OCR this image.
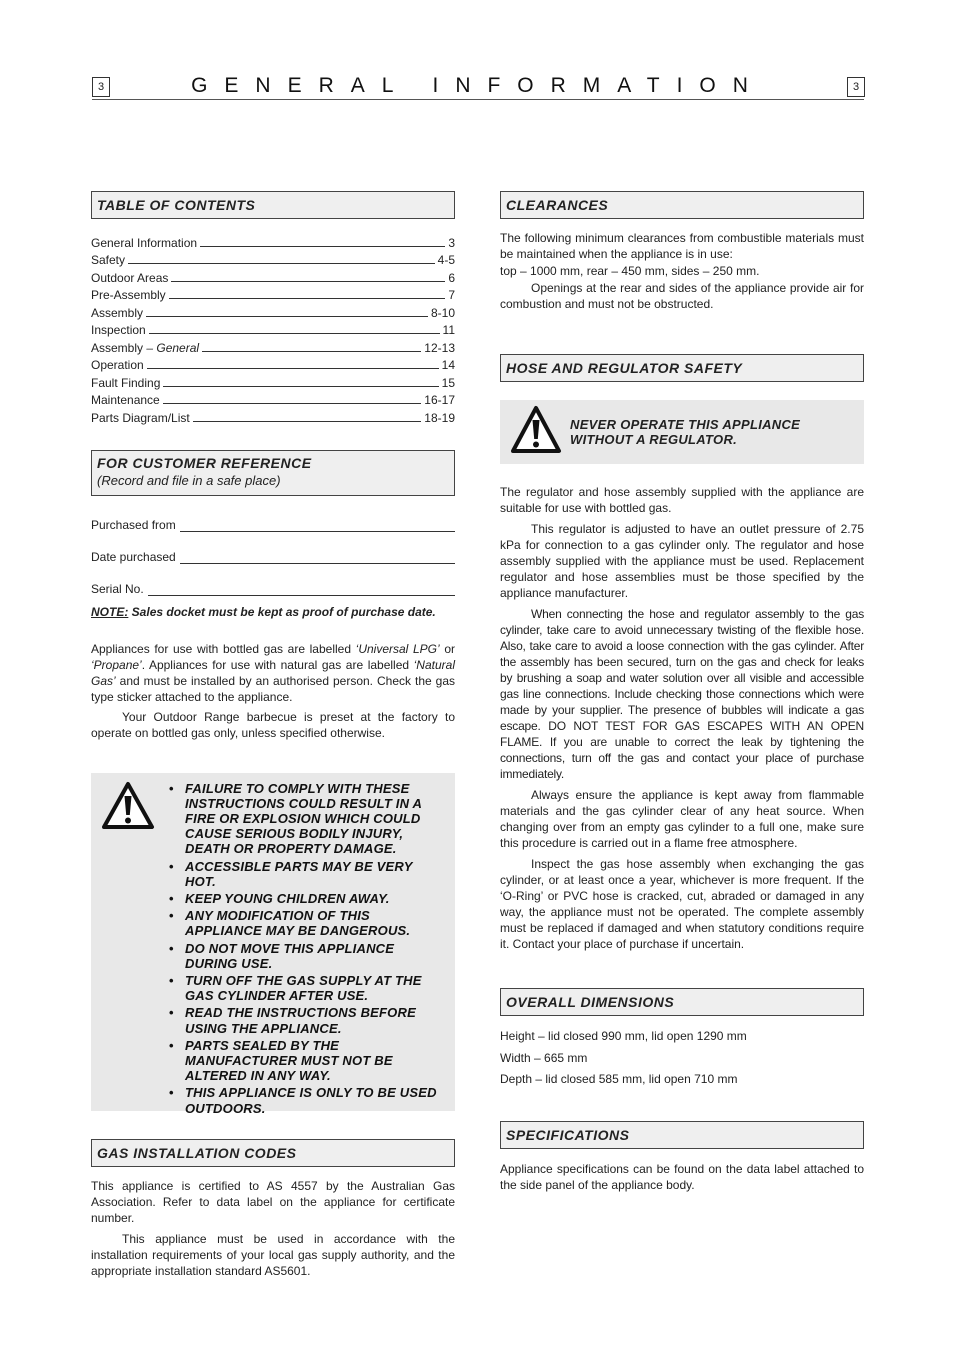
3	GENERAL INFORMATION	3
TABLE OF CONTENTS
General Information	3
Safety	4-5
Outdoor Areas	6
Pre-Assembly	7
Assembly	8-10
Inspection	11
Assembly – General	12-13
Operation	14
Fault Finding	15
Maintenance	16-17
Parts Diagram/List	18-19
FOR CUSTOMER REFERENCE
(Record and file in a safe place)
Purchased from
Date purchased
Serial No.
NOTE: Sales docket must be kept as proof of purchase date.

Appliances for use with bottled gas are labelled ‘Universal LPG’ or ‘Propane’. Appliances for use with natural gas are labelled ‘Natural Gas’ and must be installed by an authorised person. Check the gas type sticker attached to the appliance.

Your Outdoor Range barbecue is preset at the factory to operate on bottled gas only, unless specified otherwise.

• FAILURE TO COMPLY WITH THESE INSTRUCTIONS COULD RESULT IN A FIRE OR EXPLOSION WHICH COULD CAUSE SERIOUS BODILY INJURY, DEATH OR PROPERTY DAMAGE.
• ACCESSIBLE PARTS MAY BE VERY HOT.
• KEEP YOUNG CHILDREN AWAY.
• ANY MODIFICATION OF THIS APPLIANCE MAY BE DANGEROUS.
• DO NOT MOVE THIS APPLIANCE DURING USE.
• TURN OFF THE GAS SUPPLY AT THE GAS CYLINDER AFTER USE.
• READ THE INSTRUCTIONS BEFORE USING THE APPLIANCE.
• PARTS SEALED BY THE MANUFACTURER MUST NOT BE ALTERED IN ANY WAY.
• THIS APPLIANCE IS ONLY TO BE USED OUTDOORS.
GAS INSTALLATION CODES

This appliance is certified to AS 4557 by the Australian Gas Association. Refer to data label on the appliance for certificate number.

This appliance must be used in accordance with the installation requirements of your local gas supply authority, and the appropriate installation standard AS5601.

CLEARANCES

The following minimum clearances from combustible materials must be maintained when the appliance is in use:

top – 1000 mm, rear – 450 mm, sides – 250 mm.

Openings at the rear and sides of the appliance provide air for combustion and must not be obstructed.

HOSE AND REGULATOR SAFETY
NEVER OPERATE THIS APPLIANCE
WITHOUT A REGULATOR.

The regulator and hose assembly supplied with the appliance are suitable for use with bottled gas.

This regulator is adjusted to have an outlet pressure of 2.75 kPa for connection to a gas cylinder only. The regulator and hose assembly supplied with the appliance must be used. Replacement regulator and hose assemblies must be those specified by the appliance manufacturer.

When connecting the hose and regulator assembly to the gas cylinder, take care to avoid unnecessary twisting of the flexible hose. Also, take care to avoid a loose connection with the gas cylinder. After the assembly has been secured, turn on the gas and check for leaks by brushing a soap and water solution over all visible and accessible gas line connections. Include checking those connections which were made by your supplier. The presence of bubbles will indicate a gas escape. DO NOT TEST FOR GAS ESCAPES WITH AN OPEN FLAME. If you are unable to correct the leak by tightening the connections, turn off the gas and contact your place of purchase immediately.

Always ensure the appliance is kept away from flammable materials and the gas cylinder clear of any heat source. When changing over from an empty gas cylinder to a full one, make sure this procedure is carried out in a flame free atmosphere.

Inspect the gas hose assembly when exchanging the gas cylinder, or at least once a year, whichever is more frequent. If the ‘O-Ring’ or PVC hose is cracked, cut, abraded or damaged in any way, the appliance must not be operated. The complete assembly must be replaced if damaged and when statutory conditions require it. Contact your place of purchase if uncertain.

OVERALL DIMENSIONS
Height – lid closed 990 mm, lid open 1290 mm
Width – 665 mm
Depth – lid closed 585 mm, lid open 710 mm
SPECIFICATIONS

Appliance specifications can be found on the data label attached to the side panel of the appliance body.
